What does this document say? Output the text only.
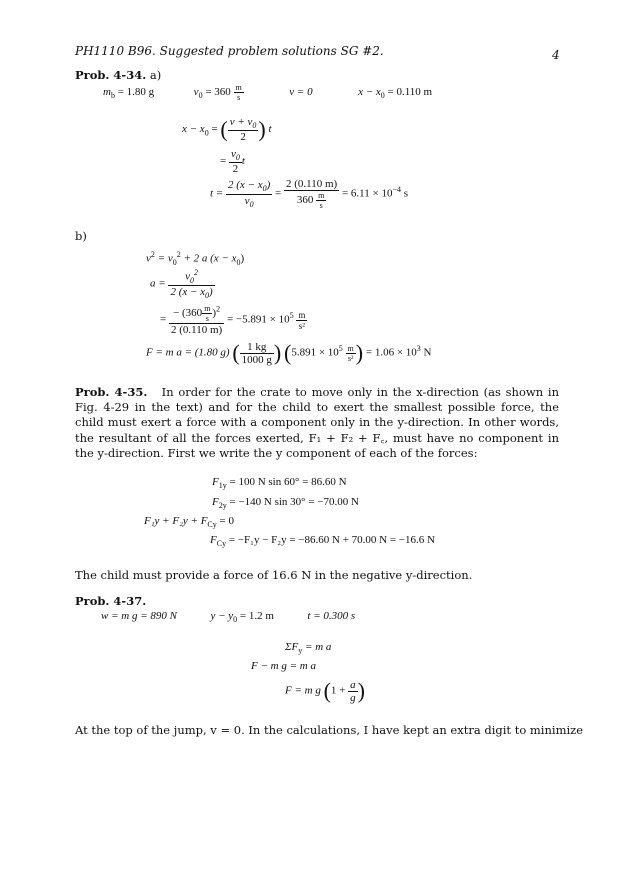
PH1110 B96. Suggested problem solutions SG #2.	4
Prob. 4-34. a)
$m_b = 1.80$ g	$v_0 = 360 \frac{m}{s}$	v = 0	$x - x_0 = 0.110$ m
$x - x_0$ = ( $\frac{v + v_0}{2}$ ) t
= $\frac{v_0}{2}$ t
$t = \frac{2 (x - x_0)}{v_0} = \frac{2 (0.110 m)}{360 \frac{m}{s}} = 6.11 \times 10^{-4}$ s
b)
$v^2 = v_0^2 + 2$ a $(x - x_0)$
$a = \frac{v_0^2}{2 (x - x_0)}$
= $\frac{- (360 \frac{m}{s} )^2}{2 (0.110 m)} = -5.891 \times 10^5 \frac{m}{\text{s²}}$
F = m a = (1.80 g) ( $\frac{1 kg}{1000 g}$ ) ($5.891 \times 10^5 \frac{m}{\text{s²}}$ ) = $1.06 \times 10^3$ N
Prob. 4-35. In order for the crate to move only in the x-direction (as shown in Fig. 4-29 in the text) and for the child to exert the smallest possible force, the child must exert a force with a component only in the y-direction. In other words, the resultant of all the forces exerted, F₁ + F₂ + F꜀, must have no component in the y-direction. First we write the y component of each of the forces:
$F_{1y} = 100$ N sin 60° = 86.60 N
$F_{2y} = -140$ N sin 30° = −70.00 N
$F_1y + F_2y + F_{Cy} = 0$
$F_{Cy} = -F_1y - F_2y = -86.60$ N + 70.00 N = −16.6 N
The child must provide a force of 16.6 N in the negative y-direction.
Prob. 4-37.
w = m g = 890 N	$y - y_0 = 1.2$ m	t = 0.300 s
$\Sigma F_y = m$ a
F − m g = m a
F = m g ($1 + \frac{a}{g}$ )
At the top of the jump, v = 0. In the calculations, I have kept an extra digit to minimize
